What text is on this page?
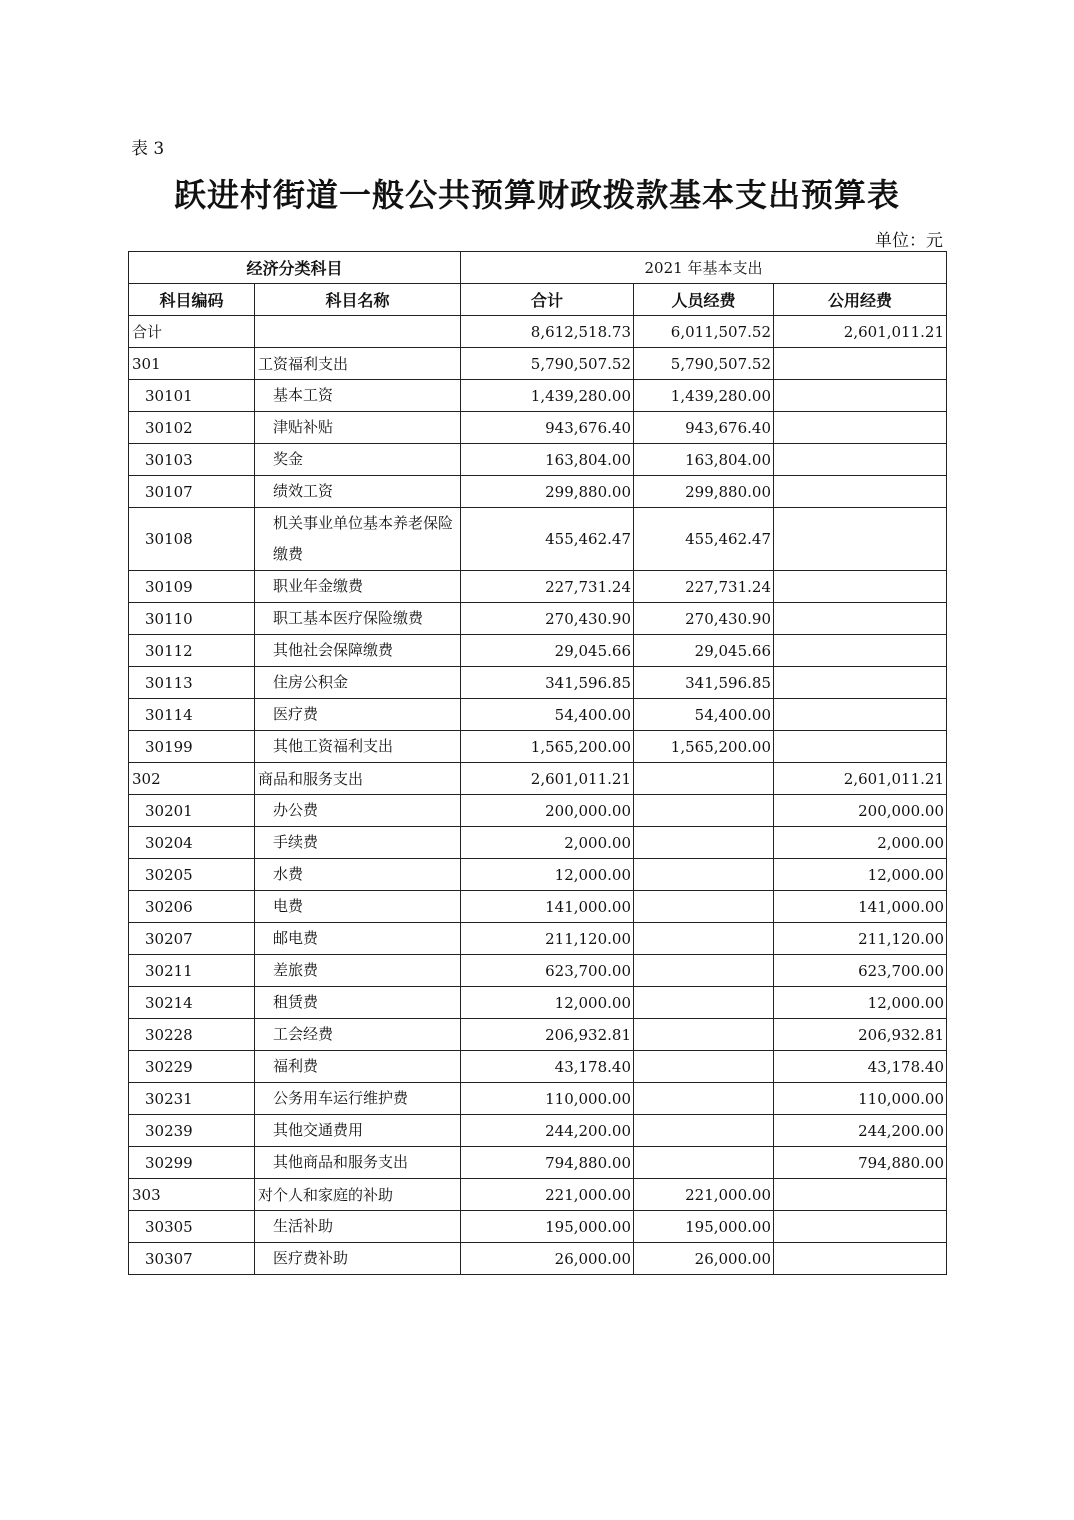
表 3
跃进村街道一般公共预算财政拨款基本支出预算表
单位：元
经济分类科目		2021 年基本支出		
科目编码	科目名称	合计	人员经费	公用经费
合计		8,612,518.73	6,011,507.52	2,601,011.21
301	工资福利支出	5,790,507.52	5,790,507.52	
30101	基本工资	1,439,280.00	1,439,280.00	
30102	津贴补贴	943,676.40	943,676.40	
30103	奖金	163,804.00	163,804.00	
30107	绩效工资	299,880.00	299,880.00	
30108	机关事业单位基本养老保险缴费	455,462.47	455,462.47	
30109	职业年金缴费	227,731.24	227,731.24	
30110	职工基本医疗保险缴费	270,430.90	270,430.90	
30112	其他社会保障缴费	29,045.66	29,045.66	
30113	住房公积金	341,596.85	341,596.85	
30114	医疗费	54,400.00	54,400.00	
30199	其他工资福利支出	1,565,200.00	1,565,200.00	
302	商品和服务支出	2,601,011.21		2,601,011.21
30201	办公费	200,000.00		200,000.00
30204	手续费	2,000.00		2,000.00
30205	水费	12,000.00		12,000.00
30206	电费	141,000.00		141,000.00
30207	邮电费	211,120.00		211,120.00
30211	差旅费	623,700.00		623,700.00
30214	租赁费	12,000.00		12,000.00
30228	工会经费	206,932.81		206,932.81
30229	福利费	43,178.40		43,178.40
30231	公务用车运行维护费	110,000.00		110,000.00
30239	其他交通费用	244,200.00		244,200.00
30299	其他商品和服务支出	794,880.00		794,880.00
303	对个人和家庭的补助	221,000.00	221,000.00	
30305	生活补助	195,000.00	195,000.00	
30307	医疗费补助	26,000.00	26,000.00	
